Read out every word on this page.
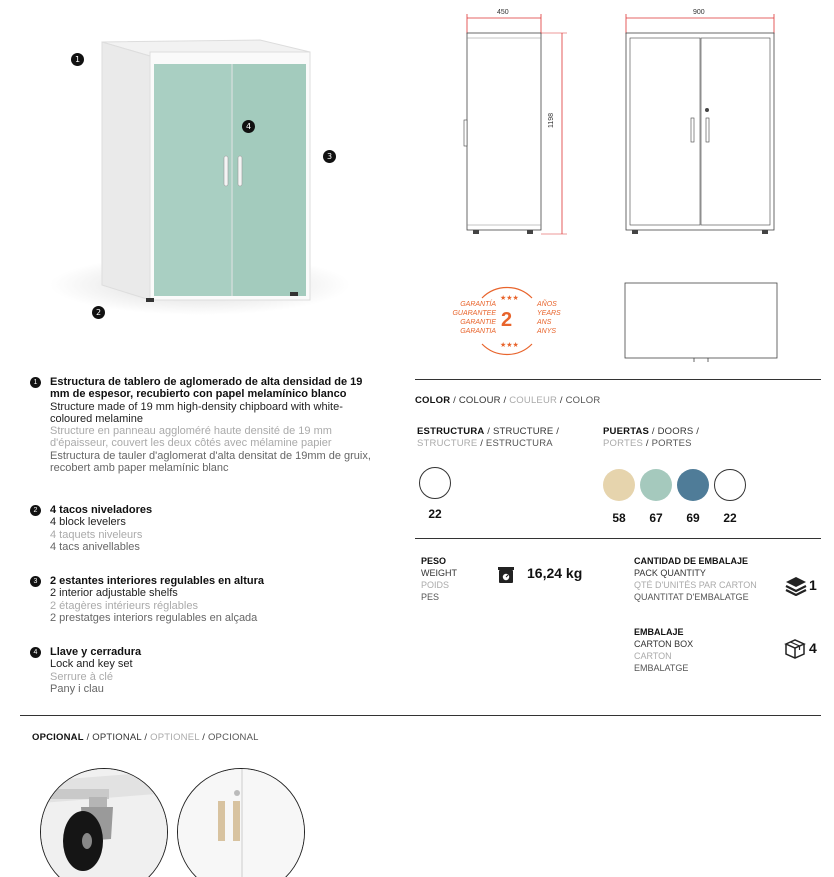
1
4
3
2
450
1198
900
★★★
★★★
2
GARANTÍA
GUARANTEE
GARANTIE
GARANTIA
AÑOS
YEARS
ANS
ANYS
1	Estructura de tablero de aglomerado de alta densidad de 19 mm de espesor, recubierto con papel melamínico blanco
Structure made of 19 mm high-density chipboard with white-coloured melamine
Structure en panneau aggloméré haute densité de 19 mm d'épaisseur, couvert les deux côtés avec mélamine papier
Estructura de tauler d'aglomerat d'alta densitat de 19mm de gruix, recobert amb paper melamínic blanc
2	4 tacos niveladores
4 block levelers
4 taquets niveleurs
4 tacs anivellables
3	2 estantes interiores regulables en altura
2 interior adjustable shelfs
2 étagères intérieurs réglables
2 prestatges interiors regulables en alçada
4	Llave y cerradura
Lock and key set
Serrure à clé
Pany i clau
COLOR / COLOUR / COULEUR / COLOR
ESTRUCTURA / STRUCTURE /
STRUCTURE / ESTRUCTURA
PUERTAS / DOORS /
PORTES / PORTES
22	58	67	69	22
PESO
WEIGHT
POIDS
PES
16,24 kg
CANTIDAD DE EMBALAJE
PACK QUANTITY
QTÉ D'UNITÉS PAR CARTON
QUANTITAT D'EMBALATGE
1
EMBALAJE
CARTON BOX
CARTON
EMBALATGE
4
OPCIONAL / OPTIONAL / OPTIONEL / OPCIONAL
